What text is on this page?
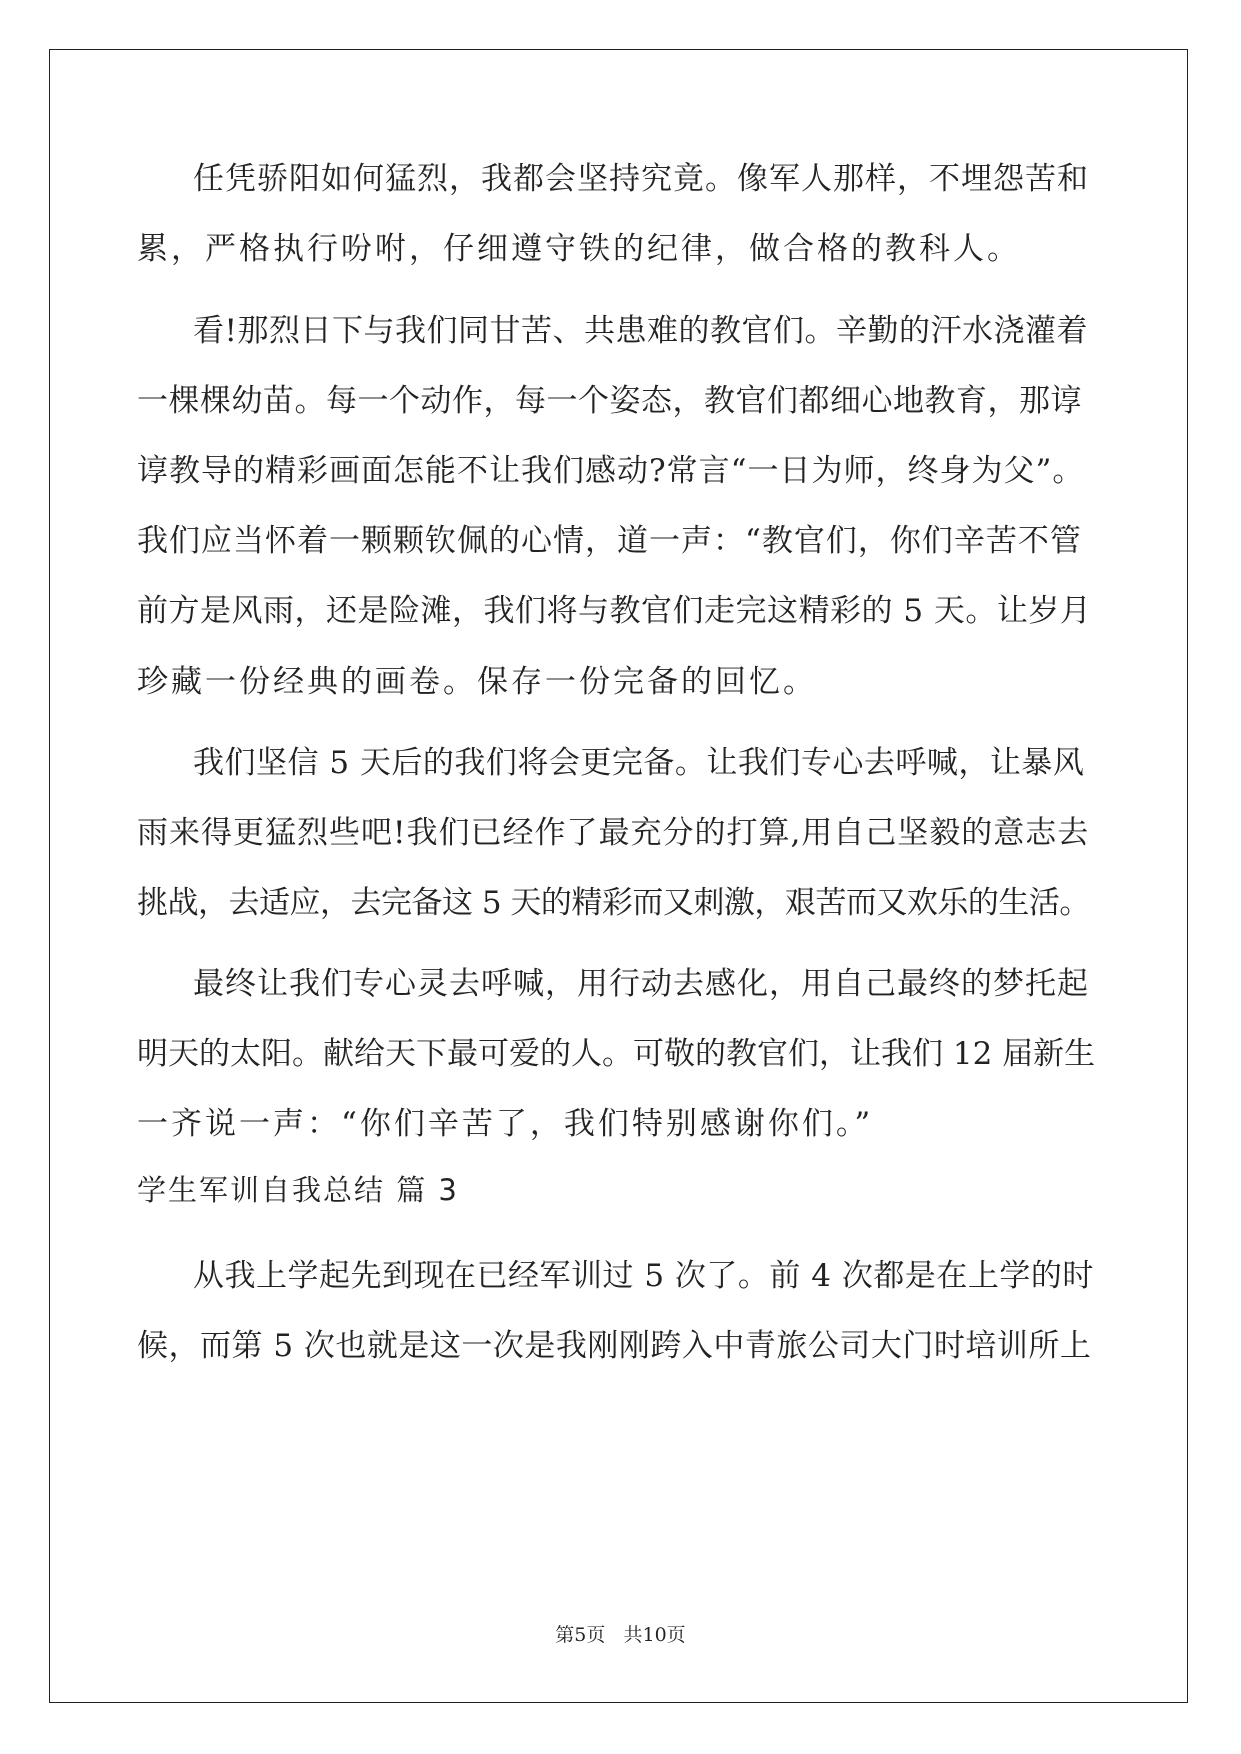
任凭骄阳如何猛烈，我都会坚持究竟。像军人那样，不埋怨苦和
累，严格执行吩咐，仔细遵守铁的纪律，做合格的教科人。
看!那烈日下与我们同甘苦、共患难的教官们。辛勤的汗水浇灌着
一棵棵幼苗。每一个动作，每一个姿态，教官们都细心地教育，那谆
谆教导的精彩画面怎能不让我们感动?常言“一日为师，终身为父”。
我们应当怀着一颗颗钦佩的心情，道一声：“教官们，你们辛苦不管
前方是风雨，还是险滩，我们将与教官们走完这精彩的 5 天。让岁月
珍藏一份经典的画卷。保存一份完备的回忆。
我们坚信 5 天后的我们将会更完备。让我们专心去呼喊，让暴风
雨来得更猛烈些吧!我们已经作了最充分的打算,用自己坚毅的意志去
挑战，去适应，去完备这 5 天的精彩而又刺激，艰苦而又欢乐的生活。
最终让我们专心灵去呼喊，用行动去感化，用自己最终的梦托起
明天的太阳。献给天下最可爱的人。可敬的教官们，让我们 12 届新生
一齐说一声：“你们辛苦了，我们特别感谢你们。”
学生军训自我总结 篇 3
从我上学起先到现在已经军训过 5 次了。前 4 次都是在上学的时
候，而第 5 次也就是这一次是我刚刚跨入中青旅公司大门时培训所上
第5页   共10页
